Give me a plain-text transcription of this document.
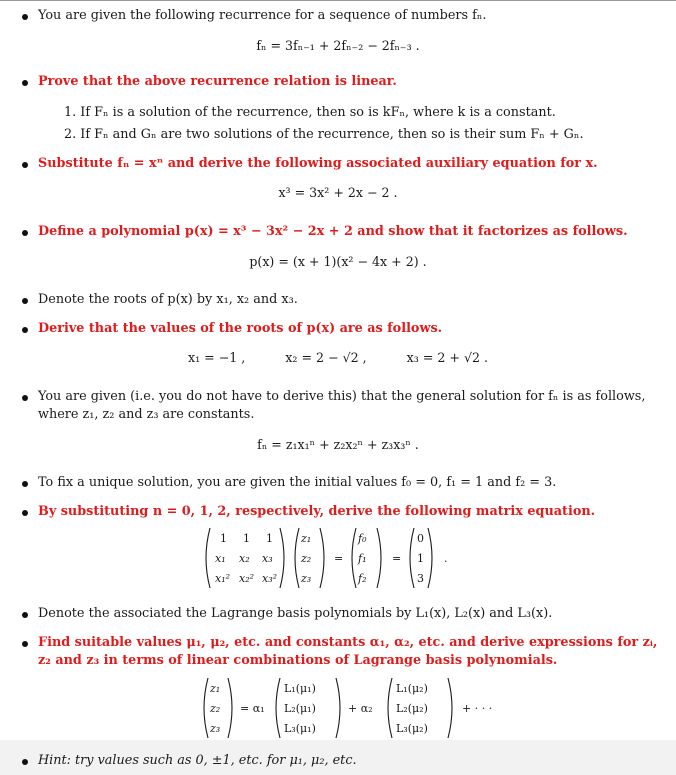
You are given the following recurrence for a sequence of numbers fₙ.
fₙ = 3fₙ₋₁ + 2fₙ₋₂ − 2fₙ₋₃ .
Prove that the above recurrence relation is linear.
1. If Fₙ is a solution of the recurrence, then so is kFₙ, where k is a constant.
2. If Fₙ and Gₙ are two solutions of the recurrence, then so is their sum Fₙ + Gₙ.
Substitute fₙ = xⁿ and derive the following associated auxiliary equation for x.
x³ = 3x² + 2x − 2 .
Define a polynomial p(x) = x³ − 3x² − 2x + 2 and show that it factorizes as follows.
p(x) = (x + 1)(x² − 4x + 2) .
Denote the roots of p(x) by x₁, x₂ and x₃.
Derive that the values of the roots of p(x) are as follows.
x₁ = −1 ,          x₂ = 2 − √2 ,          x₃ = 2 + √2 .
You are given (i.e. you do not have to derive this) that the general solution for fₙ is as follows, where z₁, z₂ and z₃ are constants.
fₙ = z₁x₁ⁿ + z₂x₂ⁿ + z₃x₃ⁿ .
To fix a unique solution, you are given the initial values f₀ = 0, f₁ = 1 and f₂ = 3.
By substituting n = 0, 1, 2, respectively, derive the following matrix equation.
1 1 1
x₁ x₂ x₃
x₁² x₂² x₃²
z₁
z₂
z₃
=
f₀
f₁
f₂
=
0
1
3
.
Denote the associated the Lagrange basis polynomials by L₁(x), L₂(x) and L₃(x).
Find suitable values μ₁, μ₂, etc. and constants α₁, α₂, etc. and derive expressions for zᵢ, z₂ and z₃ in terms of linear combinations of Lagrange basis polynomials.
z₁
z₂
z₃
= α₁
L₁(μ₁)
L₂(μ₁)
L₃(μ₁)
+ α₂
L₁(μ₂)
L₂(μ₂)
L₃(μ₂)
+ · · ·
Hint: try values such as 0, ±1, etc. for μ₁, μ₂, etc.
